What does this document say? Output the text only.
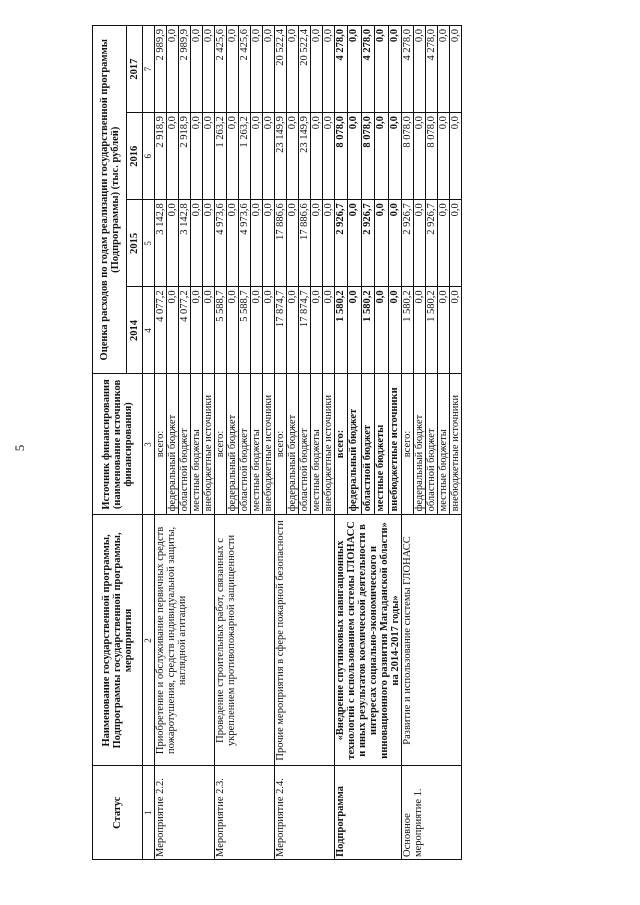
5
Статус	Наименование государственной программы, Подпрограммы государственной программы, мероприятия	Источник финансирования (наименование источников финансирования)	Оценка расходов по годам реализации государственной программы (Подпрограммы) (тыс. рублей)			
			2014	2015	2016	2017
1	2	3	4	5	6	7
Мероприятие 2.2.	Приобретение и обслуживание первичных средств пожаротушения, средств индивидуальной защиты, наглядной агитации	всего:	4 077,2	3 142,8	2 918,9	2 989,9
		федеральный бюджет	0,0	0,0	0,0	0,0
		областной бюджет	4 077,2	3 142,8	2 918,9	2 989,9
		местные бюджеты	0,0	0,0	0,0	0,0
		внебюджетные источники	0,0	0,0	0,0	0,0
Мероприятие 2.3.	Проведение строительных работ, связанных с укреплением противопожарной защищенности	всего:	5 588,7	4 973,6	1 263,2	2 425,6
		федеральный бюджет	0,0	0,0	0,0	0,0
		областной бюджет	5 588,7	4 973,6	1 263,2	2 425,6
		местные бюджеты	0,0	0,0	0,0	0,0
		внебюджетные источники	0,0	0,0	0,0	0,0
Мероприятие 2.4.	Прочие мероприятия в сфере пожарной безопасности	всего:	17 874,7	17 886,6	23 149,9	20 522,4
		федеральный бюджет	0,0	0,0	0,0	0,0
		областной бюджет	17 874,7	17 886,6	23 149,9	20 522,4
		местные бюджеты	0,0	0,0	0,0	0,0
		внебюджетные источники	0,0	0,0	0,0	0,0
Подпрограмма	«Внедрение спутниковых навигационных технологий с использованием системы ГЛОНАСС и иных результатов космической деятельности в интересах социально-экономического и инновационного развития Магаданской области» на 2014-2017 годы»	всего:	1 580,2	2 926,7	8 078,0	4 278,0
		федеральный бюджет	0,0	0,0	0,0	0,0
		областной бюджет	1 580,2	2 926,7	8 078,0	4 278,0
		местные бюджеты	0,0	0,0	0,0	0,0
		внебюджетные источники	0,0	0,0	0,0	0,0
Основное мероприятие 1.	Развитие и использование системы ГЛОНАСС	всего:	1 580,2	2 926,7	8 078,0	4 278,0
		федеральный бюджет	0,0	0,0	0,0	0,0
		областной бюджет	1 580,2	2 926,7	8 078,0	4 278,0
		местные бюджеты	0,0	0,0	0,0	0,0
		внебюджетные источники	0,0	0,0	0,0	0,0
